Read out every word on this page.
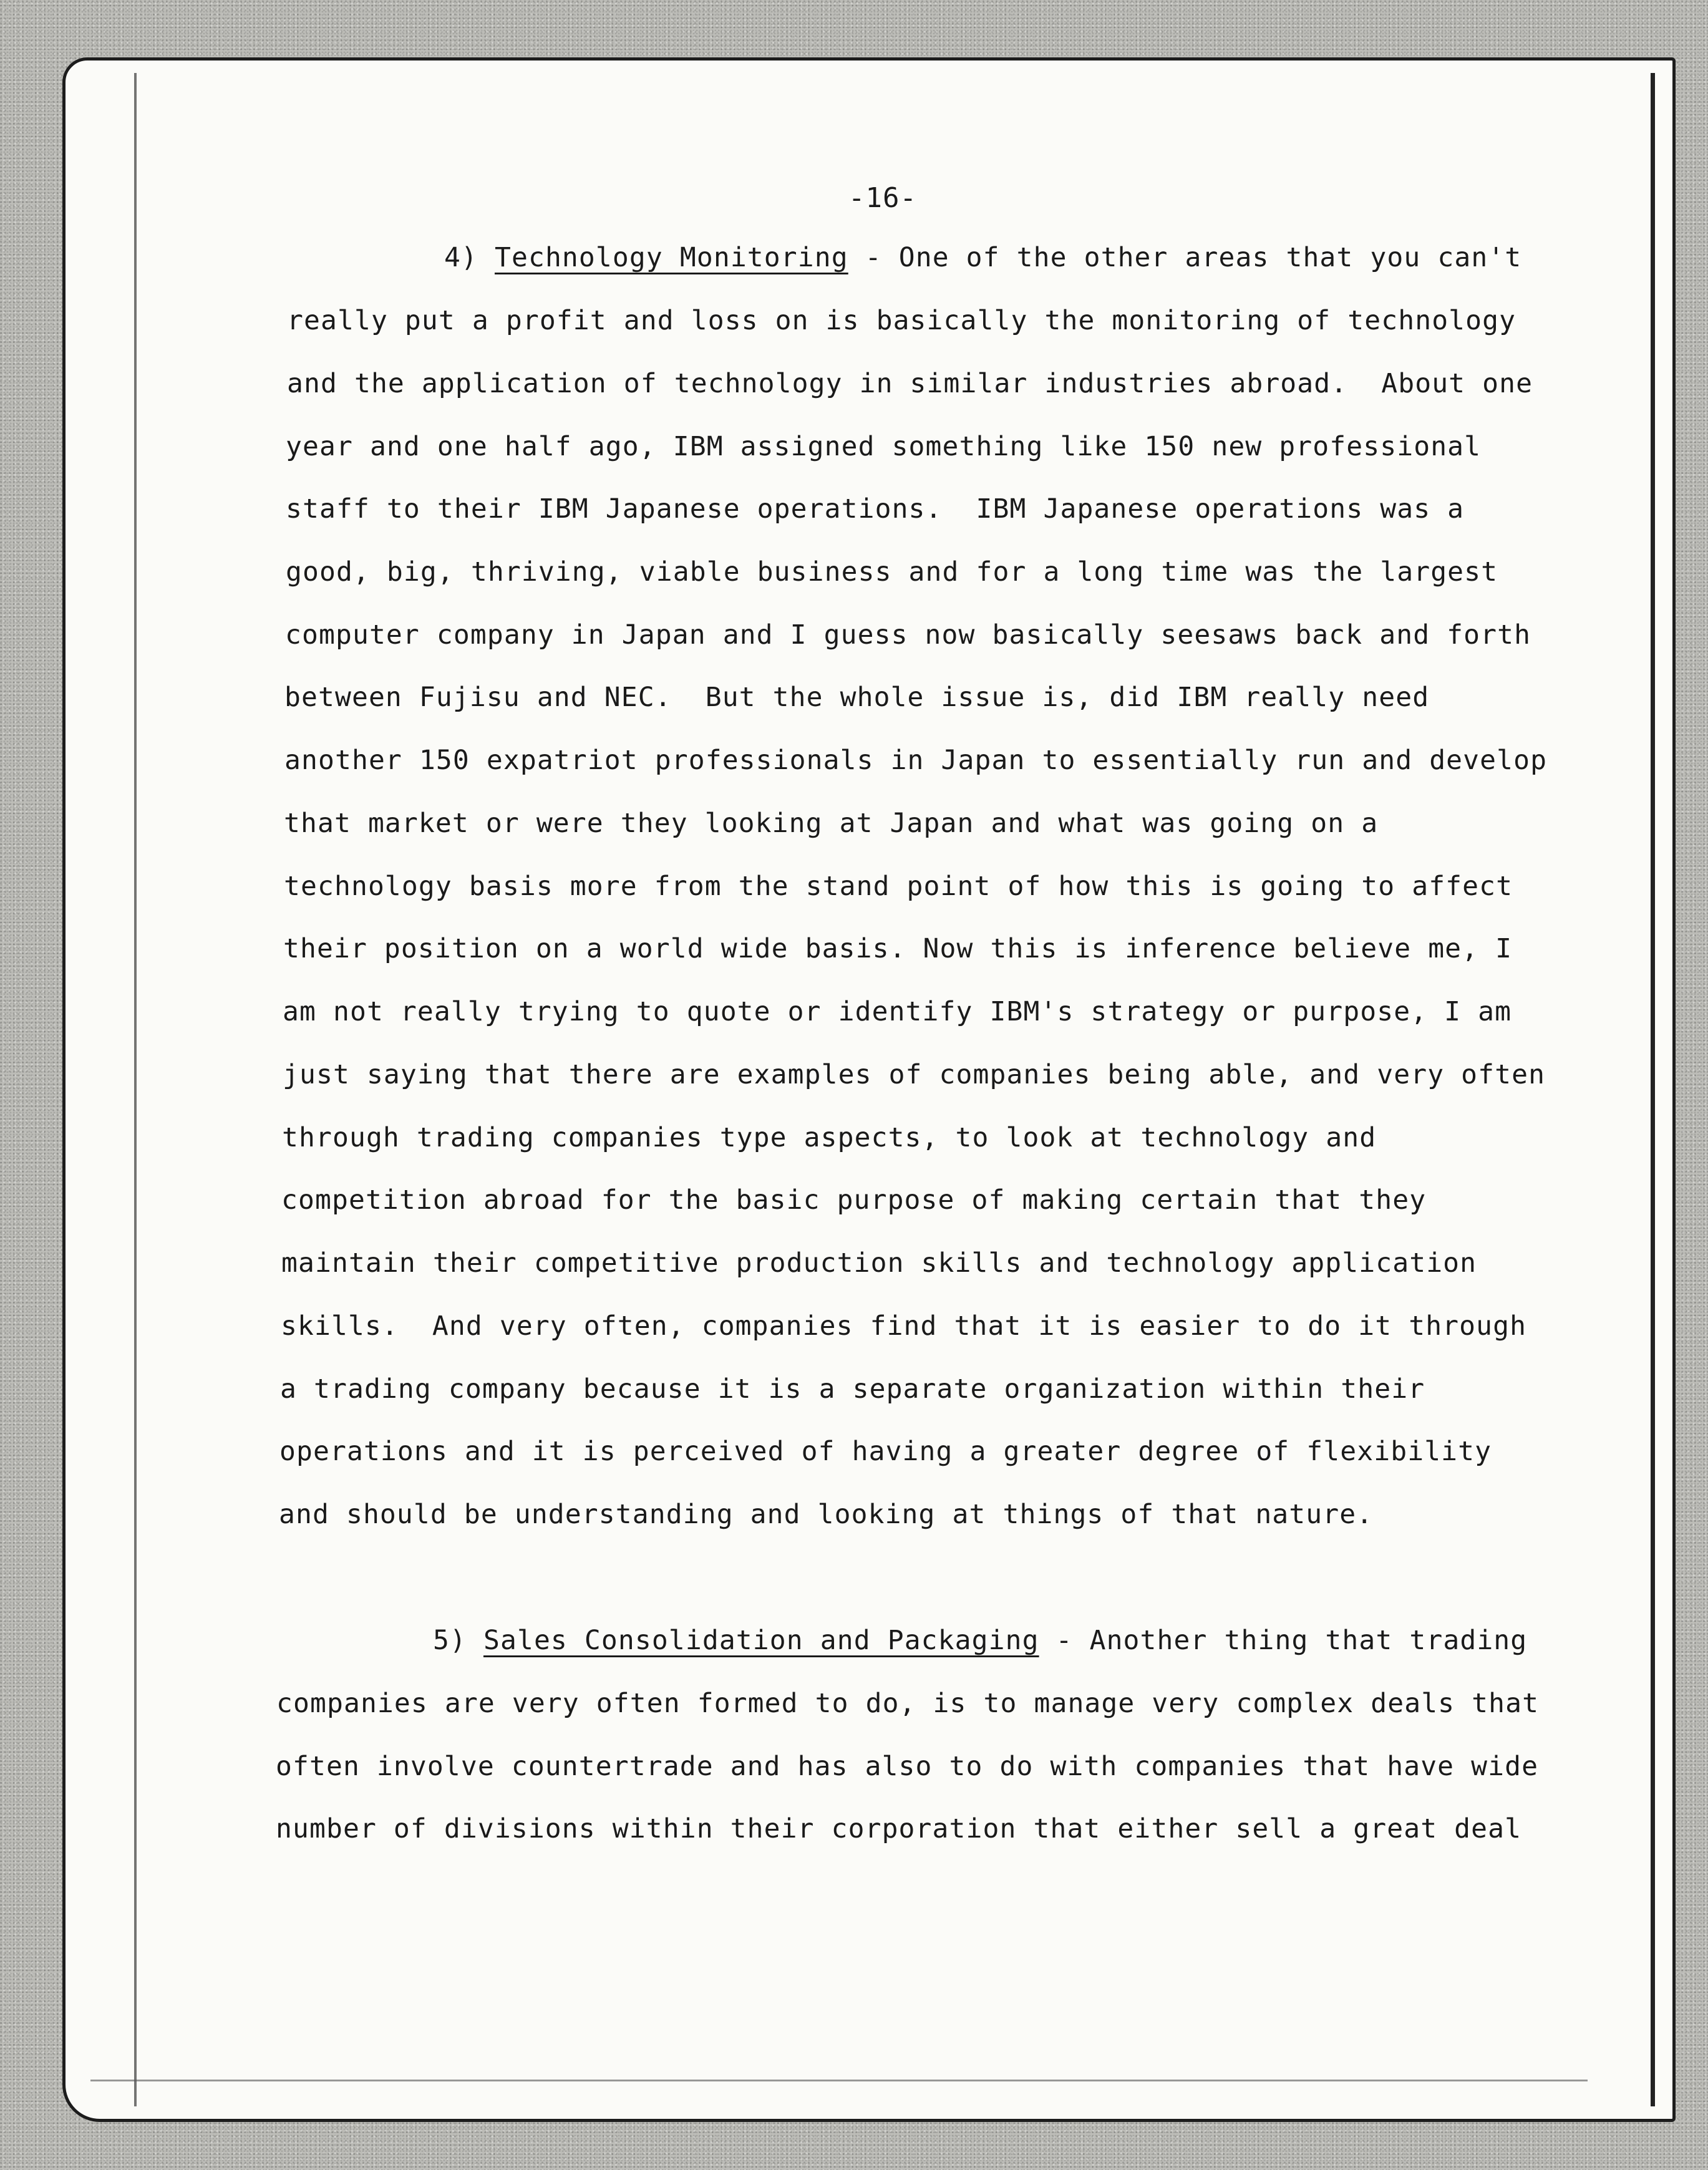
-16-
4) Technology Monitoring - One of the other areas that you can't
really put a profit and loss on is basically the monitoring of technology
and the application of technology in similar industries abroad.  About one
year and one half ago, IBM assigned something like 150 new professional
staff to their IBM Japanese operations.  IBM Japanese operations was a
good, big, thriving, viable business and for a long time was the largest
computer company in Japan and I guess now basically seesaws back and forth
between Fujisu and NEC.  But the whole issue is, did IBM really need
another 150 expatriot professionals in Japan to essentially run and develop
that market or were they looking at Japan and what was going on a
technology basis more from the stand point of how this is going to affect
their position on a world wide basis. Now this is inference believe me, I
am not really trying to quote or identify IBM's strategy or purpose, I am
just saying that there are examples of companies being able, and very often
through trading companies type aspects, to look at technology and
competition abroad for the basic purpose of making certain that they
maintain their competitive production skills and technology application
skills.  And very often, companies find that it is easier to do it through
a trading company because it is a separate organization within their
operations and it is perceived of having a greater degree of flexibility
and should be understanding and looking at things of that nature.
5) Sales Consolidation and Packaging - Another thing that trading
companies are very often formed to do, is to manage very complex deals that
often involve countertrade and has also to do with companies that have wide
number of divisions within their corporation that either sell a great deal
